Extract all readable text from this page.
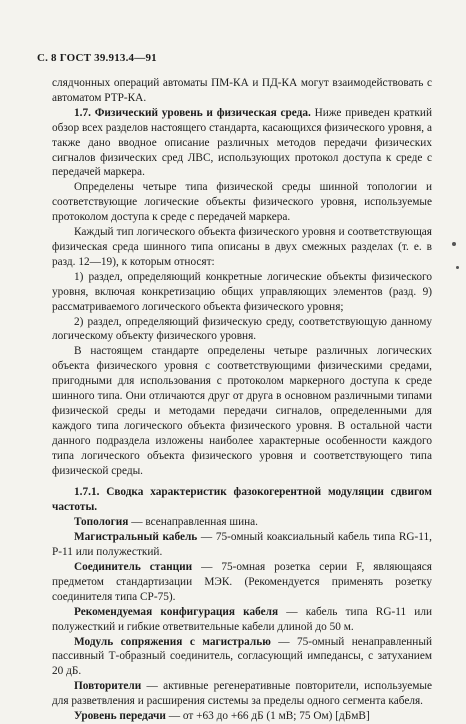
С. 8 ГОСТ 39.913.4—91

слядчонных операций автоматы ПМ-КА и ПД-КА могут взаимодействовать с автоматом РТР-КА.

1.7. Физический уровень и физическая среда. Ниже приведен краткий обзор всех разделов настоящего стандарта, касающихся физического уровня, а также дано вводное описание различных методов передачи физических сигналов физических сред ЛВС, использующих протокол доступа к среде с передачей маркера.

Определены четыре типа физической среды шинной топологии и соответствующие логические объекты физического уровня, используемые протоколом доступа к среде с передачей маркера.

Каждый тип логического объекта физического уровня и соответствующая физическая среда шинного типа описаны в двух смежных разделах (т. е. в разд. 12—19), к которым относят:

1) раздел, определяющий конкретные логические объекты физического уровня, включая конкретизацию общих управляющих элементов (разд. 9) рассматриваемого логического объекта физического уровня;

2) раздел, определяющий физическую среду, соответствующую данному логическому объекту физического уровня.

В настоящем стандарте определены четыре различных логических объекта физического уровня с соответствующими физическими средами, пригодными для использования с протоколом маркерного доступа к среде шинного типа. Они отличаются друг от друга в основном различными типами физической среды и методами передачи сигналов, определенными для каждого типа логического объекта физического уровня. В остальной части данного подраздела изложены наиболее характерные особенности каждого типа логического объекта физического уровня и соответствующего типа физической среды.

1.7.1. Сводка характеристик фазокогерентной модуляции сдвигом частоты.

Топология — всенаправленная шина.

Магистральный кабель — 75-омный коаксиальный кабель типа RG-11, Р-11 или полужесткий.

Соединитель станции — 75-омная розетка серии F, являющаяся предметом стандартизации МЭК. (Рекомендуется применять розетку соединителя типа СР-75).

Рекомендуемая конфигурация кабеля — кабель типа RG-11 или полужесткий и гибкие ответвительные кабели длиной до 50 м.

Модуль сопряжения с магистралью — 75-омный ненаправленный пассивный Т-образный соединитель, согласующий импедансы, с затуханием 20 дБ.

Повторители — активные регенеративные повторители, используемые для разветвления и расширения системы за пределы одного сегмента кабеля.

Уровень передачи — от +63 до +66 дБ (1 мВ; 75 Ом) [дБмВ]
